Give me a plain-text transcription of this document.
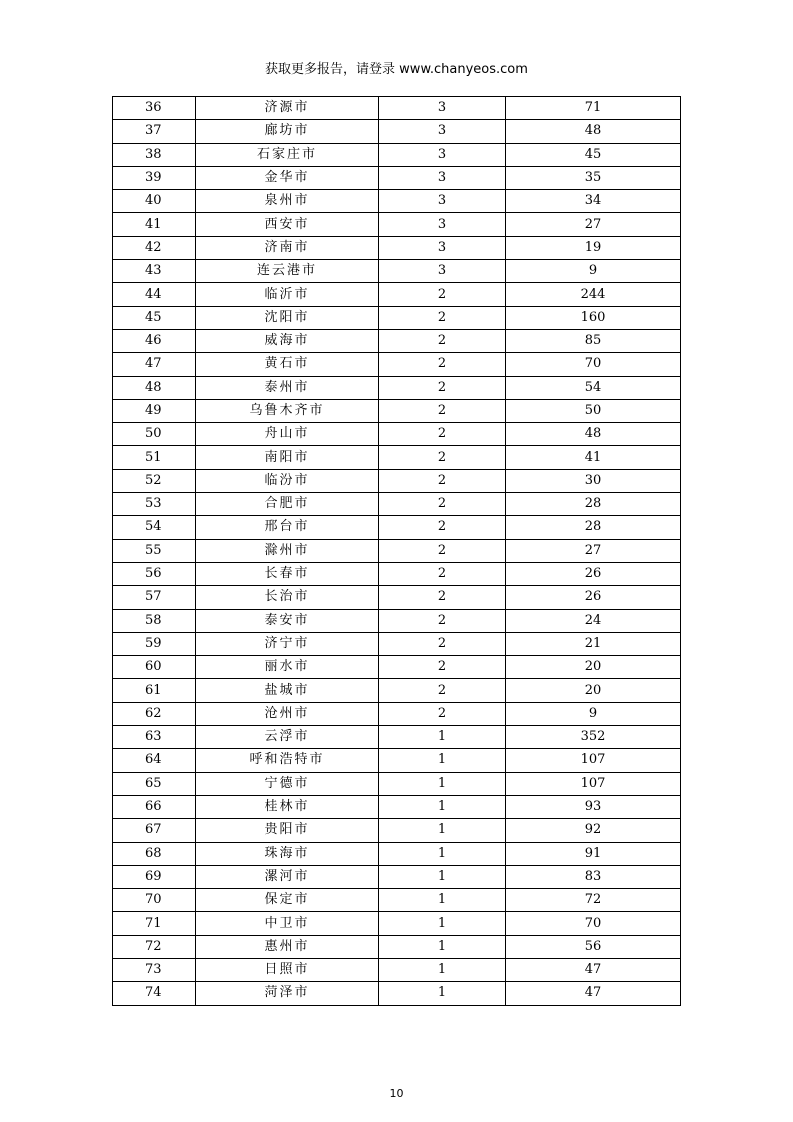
获取更多报告，请登录 www.chanyeos.com
36	济源市	3	71
37	廊坊市	3	48
38	石家庄市	3	45
39	金华市	3	35
40	泉州市	3	34
41	西安市	3	27
42	济南市	3	19
43	连云港市	3	9
44	临沂市	2	244
45	沈阳市	2	160
46	威海市	2	85
47	黄石市	2	70
48	泰州市	2	54
49	乌鲁木齐市	2	50
50	舟山市	2	48
51	南阳市	2	41
52	临汾市	2	30
53	合肥市	2	28
54	邢台市	2	28
55	滁州市	2	27
56	长春市	2	26
57	长治市	2	26
58	泰安市	2	24
59	济宁市	2	21
60	丽水市	2	20
61	盐城市	2	20
62	沧州市	2	9
63	云浮市	1	352
64	呼和浩特市	1	107
65	宁德市	1	107
66	桂林市	1	93
67	贵阳市	1	92
68	珠海市	1	91
69	漯河市	1	83
70	保定市	1	72
71	中卫市	1	70
72	惠州市	1	56
73	日照市	1	47
74	菏泽市	1	47
10
